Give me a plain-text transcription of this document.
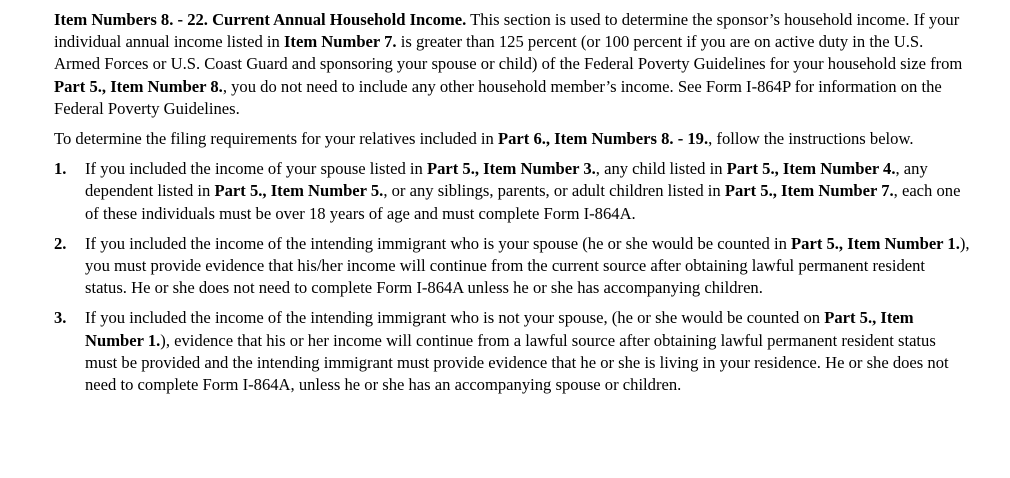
Item Numbers 8. - 22. Current Annual Household Income. This section is used to determine the sponsor’s household income. If your individual annual income listed in Item Number 7. is greater than 125 percent (or 100 percent if you are on active duty in the U.S. Armed Forces or U.S. Coast Guard and sponsoring your spouse or child) of the Federal Poverty Guidelines for your household size from Part 5., Item Number 8., you do not need to include any other household member’s income. See Form I-864P for information on the Federal Poverty Guidelines.

To determine the filing requirements for your relatives included in Part 6., Item Numbers 8. - 19., follow the instructions below.

1.	If you included the income of your spouse listed in Part 5., Item Number 3., any child listed in Part 5., Item Number 4., any dependent listed in Part 5., Item Number 5., or any siblings, parents, or adult children listed in Part 5., Item Number 7., each one of these individuals must be over 18 years of age and must complete Form I-864A.
2.	If you included the income of the intending immigrant who is your spouse (he or she would be counted in Part 5., Item Number 1.), you must provide evidence that his/her income will continue from the current source after obtaining lawful permanent resident status. He or she does not need to complete Form I-864A unless he or she has accompanying children.
3.	If you included the income of the intending immigrant who is not your spouse, (he or she would be counted on Part 5., Item Number 1.), evidence that his or her income will continue from a lawful source after obtaining lawful permanent resident status must be provided and the intending immigrant must provide evidence that he or she is living in your residence. He or she does not need to complete Form I-864A, unless he or she has an accompanying spouse or children.
